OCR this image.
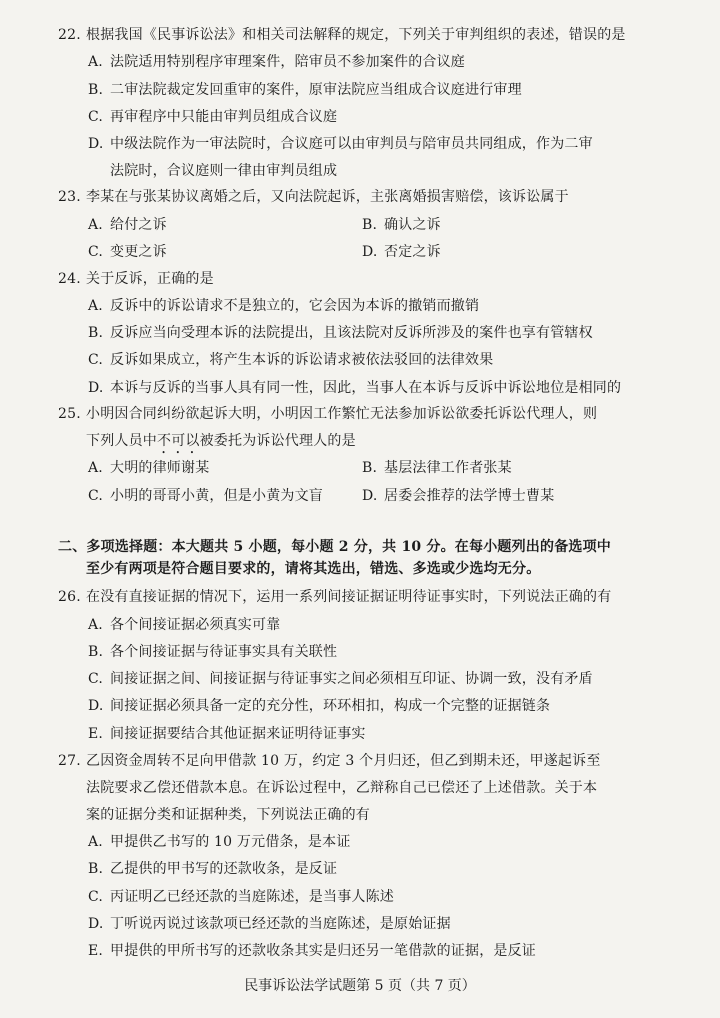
22. 根据我国《民事诉讼法》和相关司法解释的规定，下列关于审判组织的表述，错误的是
A. 法院适用特别程序审理案件，陪审员不参加案件的合议庭
B. 二审法院裁定发回重审的案件，原审法院应当组成合议庭进行审理
C. 再审程序中只能由审判员组成合议庭
D. 中级法院作为一审法院时，合议庭可以由审判员与陪审员共同组成，作为二审
法院时，合议庭则一律由审判员组成
23. 李某在与张某协议离婚之后，又向法院起诉，主张离婚损害赔偿，该诉讼属于
A. 给付之诉	B. 确认之诉
C. 变更之诉	D. 否定之诉
24. 关于反诉，正确的是
A. 反诉中的诉讼请求不是独立的，它会因为本诉的撤销而撤销
B. 反诉应当向受理本诉的法院提出，且该法院对反诉所涉及的案件也享有管辖权
C. 反诉如果成立，将产生本诉的诉讼请求被依法驳回的法律效果
D. 本诉与反诉的当事人具有同一性，因此，当事人在本诉与反诉中诉讼地位是相同的
25. 小明因合同纠纷欲起诉大明，小明因工作繁忙无法参加诉讼欲委托诉讼代理人，则
下列人员中不可以被委托为诉讼代理人的是
A. 大明的律师谢某	B. 基层法律工作者张某
C. 小明的哥哥小黄，但是小黄为文盲	D. 居委会推荐的法学博士曹某
二、多项选择题：本大题共 5 小题，每小题 2 分，共 10 分。在每小题列出的备选项中
至少有两项是符合题目要求的，请将其选出，错选、多选或少选均无分。
26. 在没有直接证据的情况下，运用一系列间接证据证明待证事实时，下列说法正确的有
A. 各个间接证据必须真实可靠
B. 各个间接证据与待证事实具有关联性
C. 间接证据之间、间接证据与待证事实之间必须相互印证、协调一致，没有矛盾
D. 间接证据必须具备一定的充分性，环环相扣，构成一个完整的证据链条
E. 间接证据要结合其他证据来证明待证事实
27. 乙因资金周转不足向甲借款 10 万，约定 3 个月归还，但乙到期未还，甲遂起诉至
法院要求乙偿还借款本息。在诉讼过程中，乙辩称自己已偿还了上述借款。关于本
案的证据分类和证据种类，下列说法正确的有
A. 甲提供乙书写的 10 万元借条，是本证
B. 乙提供的甲书写的还款收条，是反证
C. 丙证明乙已经还款的当庭陈述，是当事人陈述
D. 丁听说丙说过该款项已经还款的当庭陈述，是原始证据
E. 甲提供的甲所书写的还款收条其实是归还另一笔借款的证据，是反证
民事诉讼法学试题第 5 页（共 7 页）
